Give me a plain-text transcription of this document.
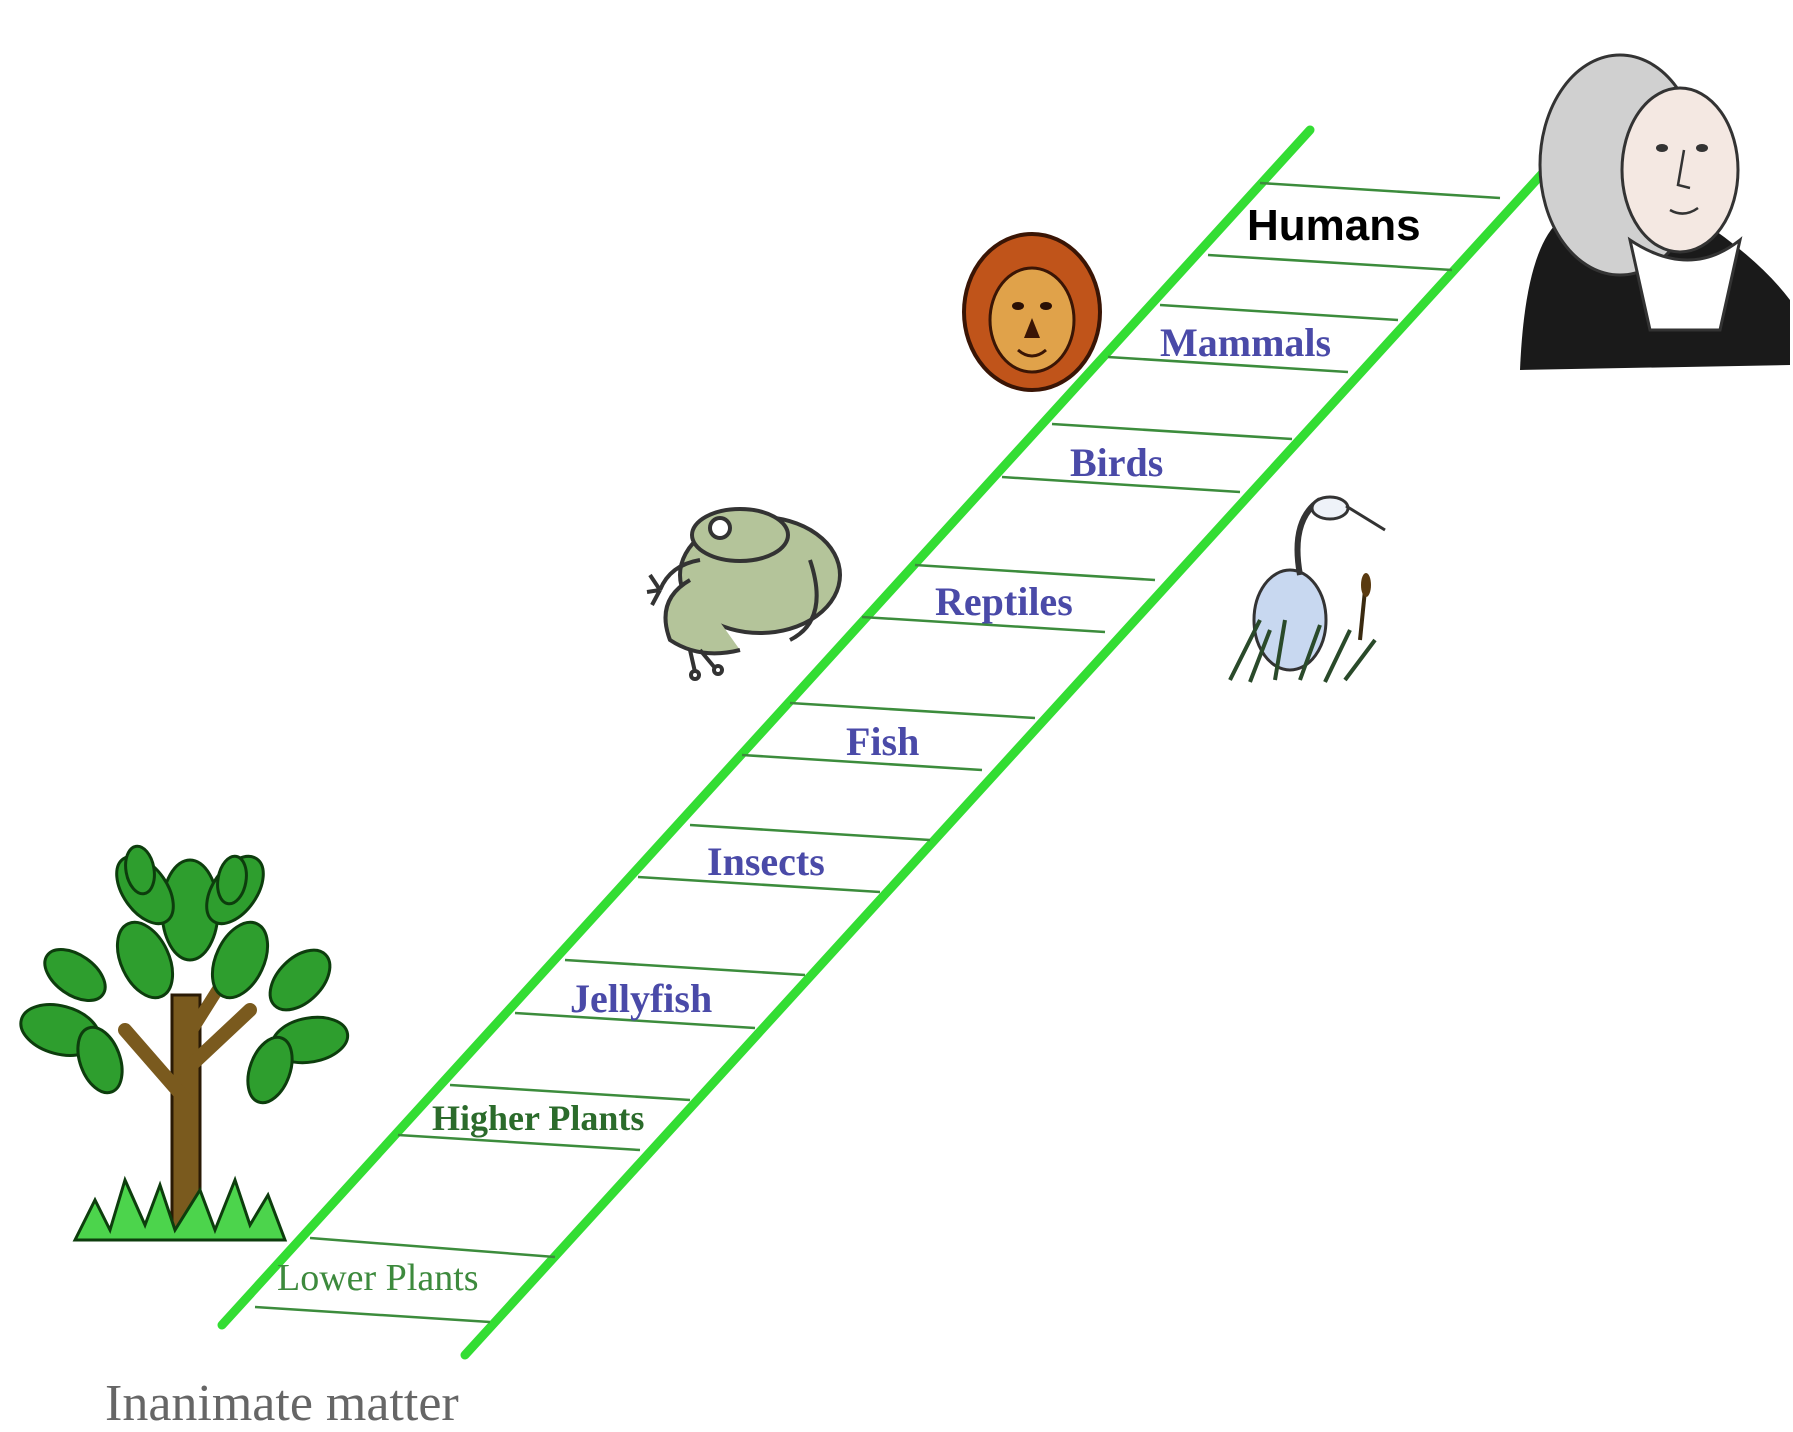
Lower Plants
Higher Plants
Jellyfish
Insects
Fish
Reptiles
Birds
Mammals
Humans
Inanimate matter
